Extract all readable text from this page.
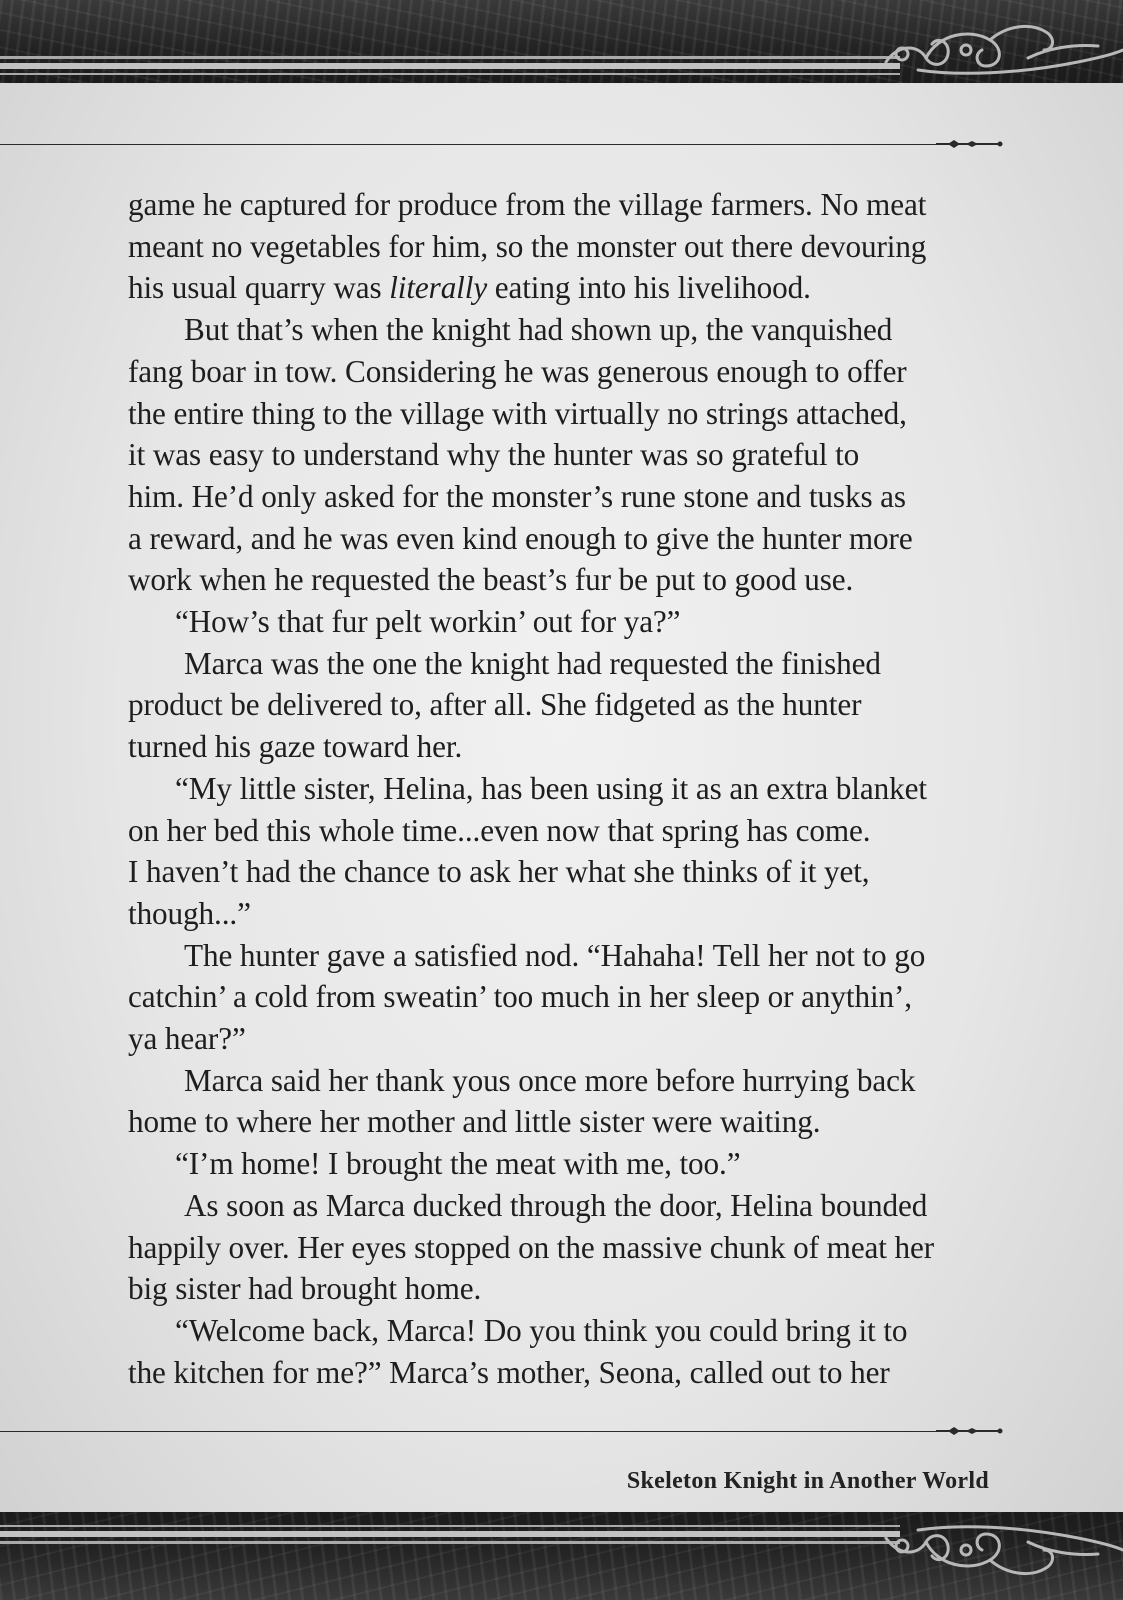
game he captured for produce from the village farmers. No meat
meant no vegetables for him, so the monster out there devouring
his usual quarry was literally eating into his livelihood.
But that’s when the knight had shown up, the vanquished
fang boar in tow. Considering he was generous enough to offer
the entire thing to the village with virtually no strings attached,
it was easy to understand why the hunter was so grateful to
him. He’d only asked for the monster’s rune stone and tusks as
a reward, and he was even kind enough to give the hunter more
work when he requested the beast’s fur be put to good use.
“How’s that fur pelt workin’ out for ya?”
Marca was the one the knight had requested the finished
product be delivered to, after all. She fidgeted as the hunter
turned his gaze toward her.
“My little sister, Helina, has been using it as an extra blanket
on her bed this whole time...even now that spring has come.
I haven’t had the chance to ask her what she thinks of it yet,
though...”
The hunter gave a satisfied nod. “Hahaha! Tell her not to go
catchin’ a cold from sweatin’ too much in her sleep or anythin’,
ya hear?”
Marca said her thank yous once more before hurrying back
home to where her mother and little sister were waiting.
“I’m home! I brought the meat with me, too.”
As soon as Marca ducked through the door, Helina bounded
happily over. Her eyes stopped on the massive chunk of meat her
big sister had brought home.
“Welcome back, Marca! Do you think you could bring it to
the kitchen for me?” Marca’s mother, Seona, called out to her
Skeleton Knight in Another World
